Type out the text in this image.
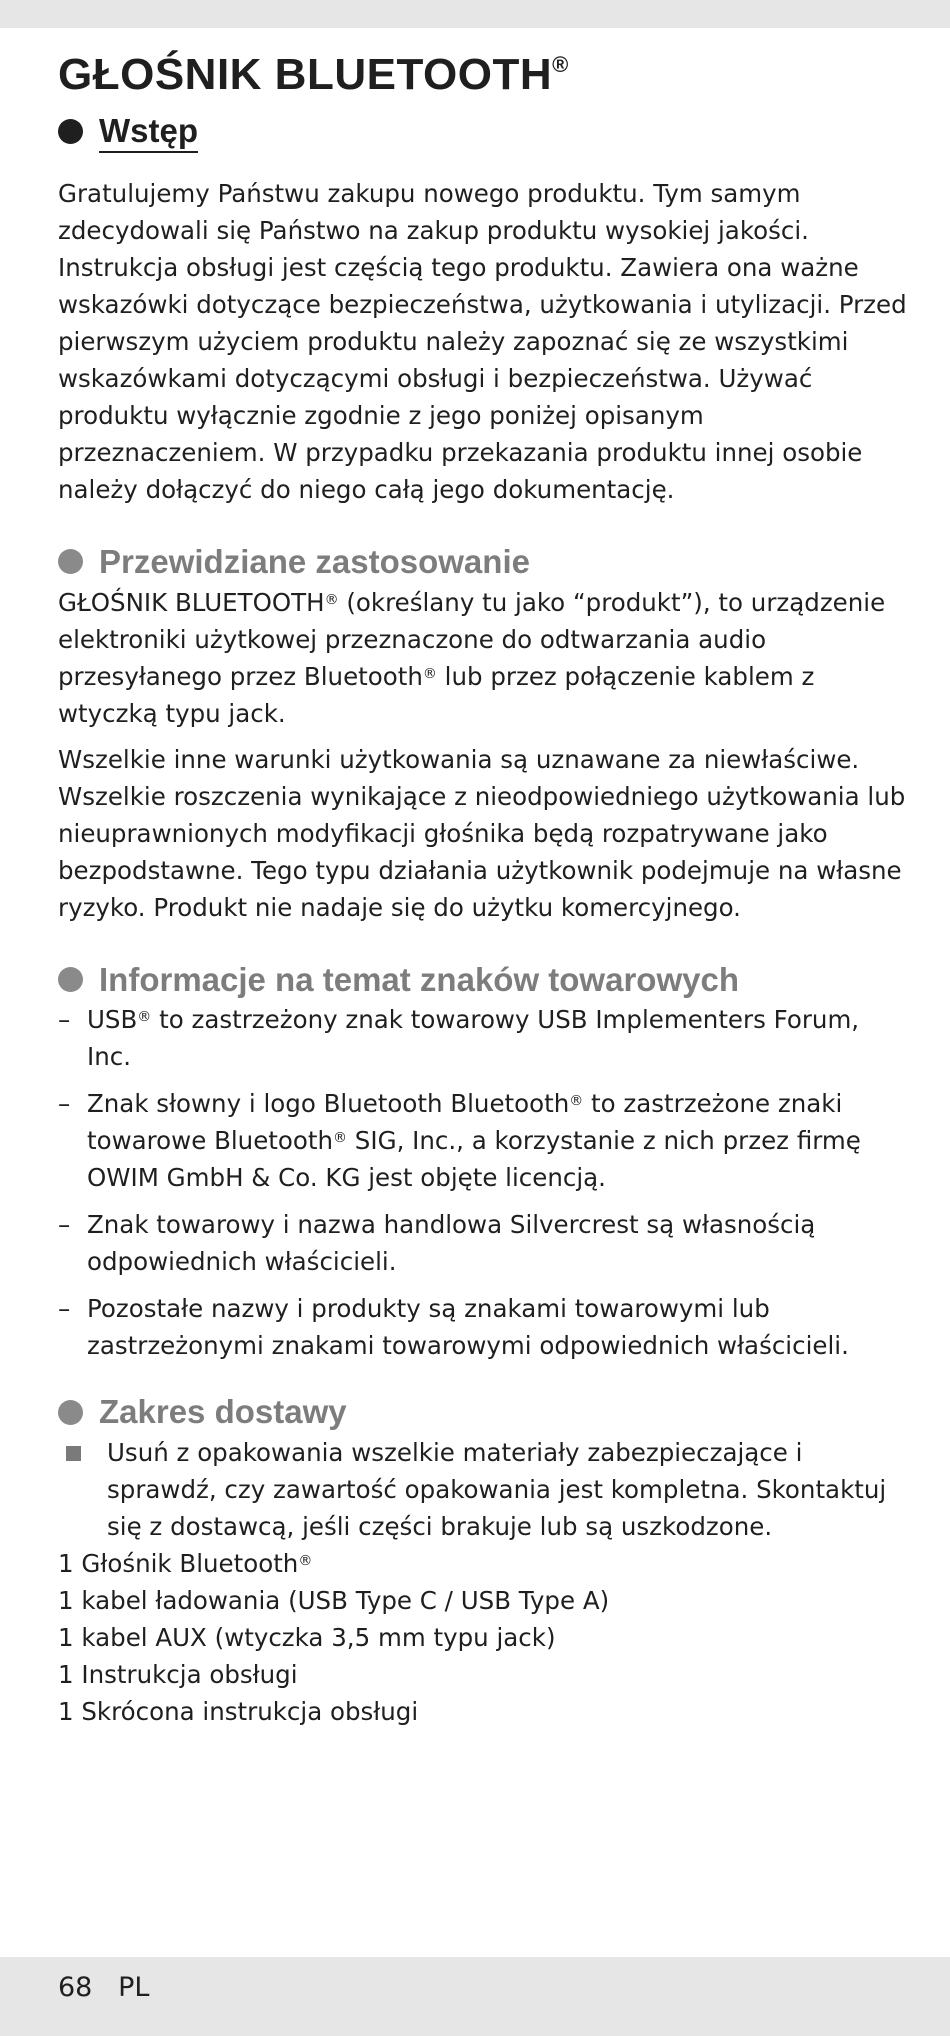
GŁOŚNIK BLUETOOTH®
Wstęp

Gratulujemy Państwu zakupu nowego produktu. Tym samym zdecydowali się Państwo na zakup produktu wysokiej jakości. Instrukcja obsługi jest częścią tego produktu. Zawiera ona ważne wskazówki dotyczące bezpieczeństwa, użytkowania i utylizacji. Przed pierwszym użyciem produktu należy zapoznać się ze wszystkimi wskazówkami dotyczącymi obsługi i bezpieczeństwa. Używać produktu wyłącznie zgodnie z jego poniżej opisanym przeznaczeniem. W przypadku przekazania produktu innej osobie należy dołączyć do niego całą jego dokumentację.

Przewidziane zastosowanie

GŁOŚNIK BLUETOOTH® (określany tu jako “produkt”), to urządzenie elektroniki użytkowej przeznaczone do odtwarzania audio przesyłanego przez Bluetooth® lub przez połączenie kablem z wtyczką typu jack.

Wszelkie inne warunki użytkowania są uznawane za niewłaściwe. Wszelkie roszczenia wynikające z nieodpowiedniego użytkowania lub nieuprawnionych modyfikacji głośnika będą rozpatrywane jako bezpodstawne. Tego typu działania użytkownik podejmuje na własne ryzyko. Produkt nie nadaje się do użytku komercyjnego.

Informacje na temat znaków towarowych
– USB® to zastrzeżony znak towarowy USB Implementers Forum, Inc.
– Znak słowny i logo Bluetooth Bluetooth® to zastrzeżone znaki towarowe Bluetooth® SIG, Inc., a korzystanie z nich przez firmę OWIM GmbH & Co. KG jest objęte licencją.
– Znak towarowy i nazwa handlowa Silvercrest są własnością odpowiednich właścicieli.
– Pozostałe nazwy i produkty są znakami towarowymi lub zastrzeżonymi znakami towarowymi odpowiednich właścicieli.
Zakres dostawy
Usuń z opakowania wszelkie materiały zabezpieczające i sprawdź, czy zawartość opakowania jest kompletna. Skontaktuj się z dostawcą, jeśli części brakuje lub są uszkodzone.
1 Głośnik Bluetooth®
1 kabel ładowania (USB Type C / USB Type A)
1 kabel AUX (wtyczka 3,5 mm typu jack)
1 Instrukcja obsługi
1 Skrócona instrukcja obsługi
68 PL
